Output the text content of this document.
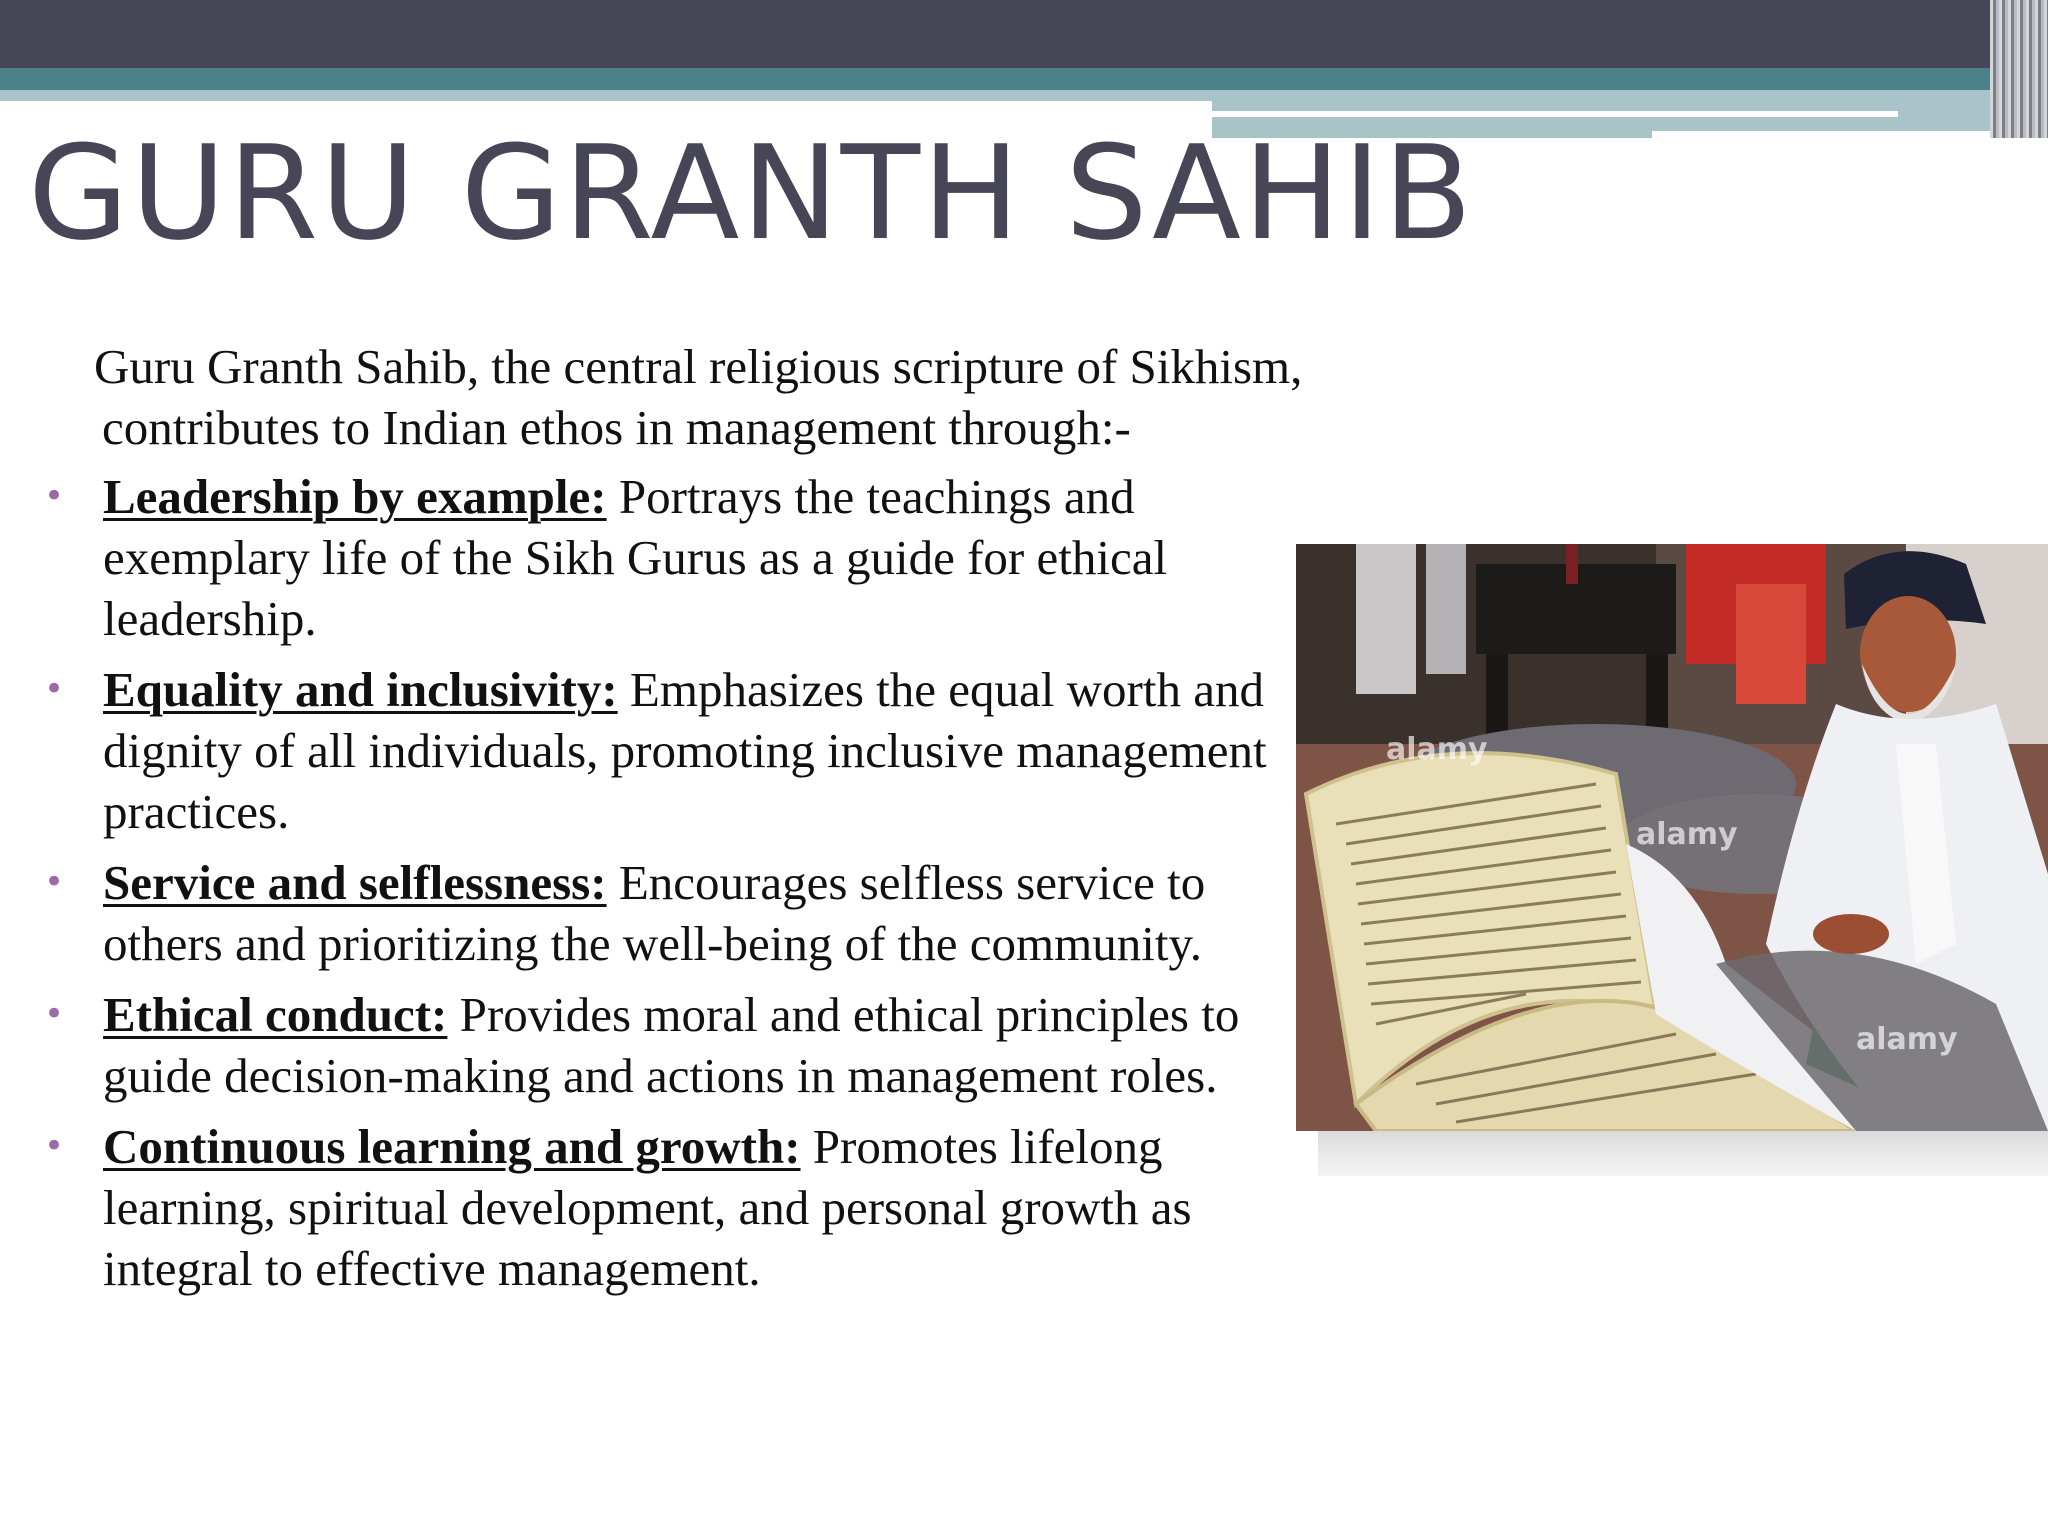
GURU GRANTH SAHIB

Guru Granth Sahib, the central religious scripture of Sikhism, contributes to Indian ethos in management through:-

• Leadership by example: Portrays the teachings and exemplary life of the Sikh Gurus as a guide for ethical leadership.
• Equality and inclusivity: Emphasizes the equal worth and dignity of all individuals, promoting inclusive management practices.
• Service and selflessness: Encourages selfless service to others and prioritizing the well-being of the community.
• Ethical conduct: Provides moral and ethical principles to guide decision-making and actions in management roles.
• Continuous learning and growth: Promotes lifelong learning, spiritual development, and personal growth as integral to effective management.
alamy
alamy
alamy
